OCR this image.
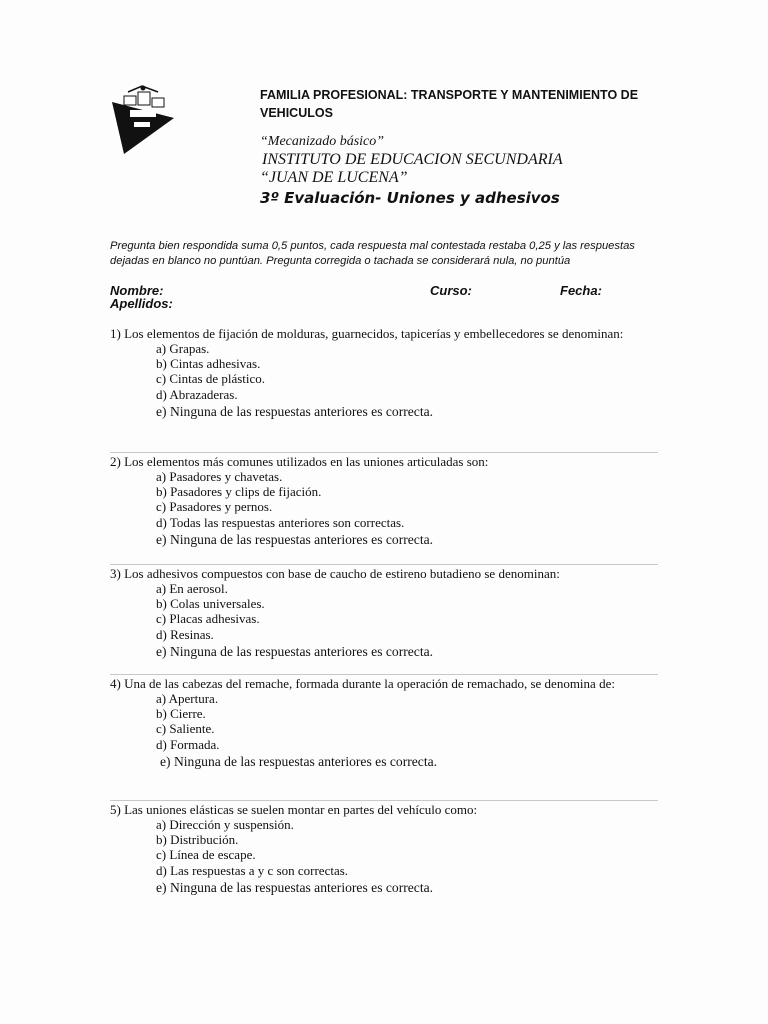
FAMILIA PROFESIONAL: TRANSPORTE Y MANTENIMIENTO DE VEHICULOS
“Mecanizado básico”
INSTITUTO DE EDUCACION SECUNDARIA
“JUAN DE LUCENA”
3º Evaluación- Uniones y adhesivos
Pregunta bien respondida suma 0,5 puntos, cada respuesta mal contestada restaba 0,25 y las respuestas dejadas en blanco no puntúan. Pregunta corregida o tachada se considerará nula, no puntúa
Nombre:
Apellidos:
Curso:	Fecha:

1) Los elementos de fijación de molduras, guarnecidos, tapicerías y embellecedores se denominan:

a) Grapas.
b) Cintas adhesivas.
c) Cintas de plástico.
d) Abrazaderas.
e) Ninguna de las respuestas anteriores es correcta.

2) Los elementos más comunes utilizados en las uniones articuladas son:

a) Pasadores y chavetas.
b) Pasadores y clips de fijación.
c) Pasadores y pernos.
d) Todas las respuestas anteriores son correctas.
e) Ninguna de las respuestas anteriores es correcta.

3) Los adhesivos compuestos con base de caucho de estireno butadieno se denominan:

a) En aerosol.
b) Colas universales.
c) Placas adhesivas.
d) Resinas.
e) Ninguna de las respuestas anteriores es correcta.

4) Una de las cabezas del remache, formada durante la operación de remachado, se denomina de:

a) Apertura.
b) Cierre.
c) Saliente.
d) Formada.
e) Ninguna de las respuestas anteriores es correcta.

5) Las uniones elásticas se suelen montar en partes del vehículo como:

a) Dirección y suspensión.
b) Distribución.
c) Línea de escape.
d) Las respuestas a y c son correctas.
e) Ninguna de las respuestas anteriores es correcta.
